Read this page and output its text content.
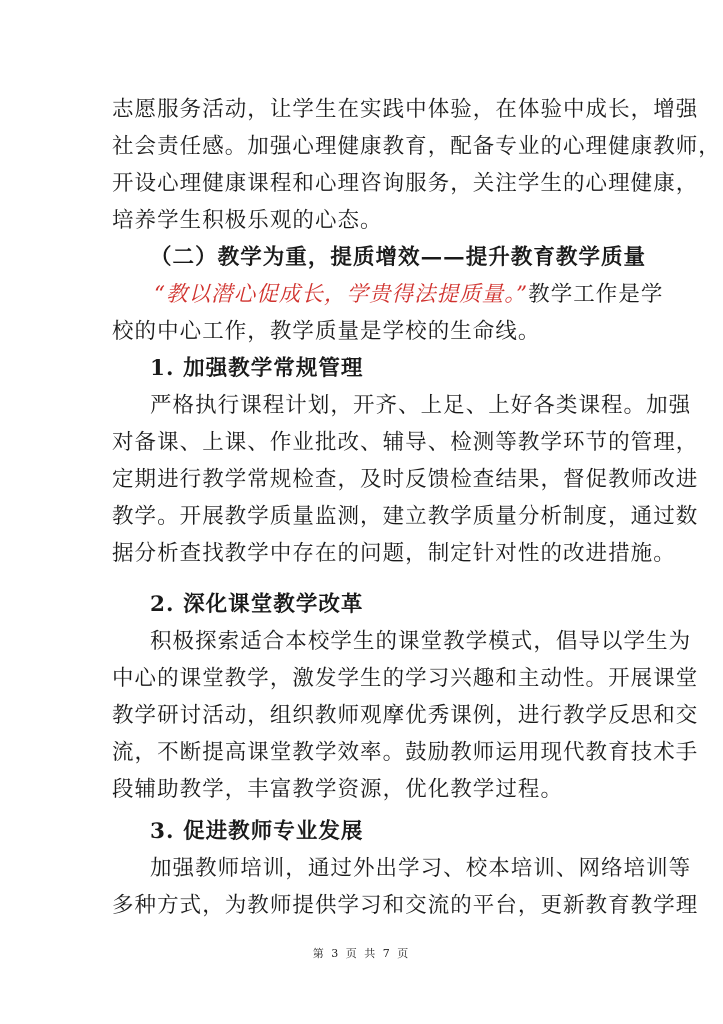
志愿服务活动，让学生在实践中体验，在体验中成长，增强
社会责任感。加强心理健康教育，配备专业的心理健康教师，
开设心理健康课程和心理咨询服务，关注学生的心理健康，
培养学生积极乐观的心态。
（二）教学为重，提质增效——提升教育教学质量
“教以潜心促成长，学贵得法提质量。”教学工作是学
校的中心工作，教学质量是学校的生命线。
1. 加强教学常规管理
严格执行课程计划，开齐、上足、上好各类课程。加强
对备课、上课、作业批改、辅导、检测等教学环节的管理，
定期进行教学常规检查，及时反馈检查结果，督促教师改进
教学。开展教学质量监测，建立教学质量分析制度，通过数
据分析查找教学中存在的问题，制定针对性的改进措施。
2. 深化课堂教学改革
积极探索适合本校学生的课堂教学模式，倡导以学生为
中心的课堂教学，激发学生的学习兴趣和主动性。开展课堂
教学研讨活动，组织教师观摩优秀课例，进行教学反思和交
流，不断提高课堂教学效率。鼓励教师运用现代教育技术手
段辅助教学，丰富教学资源，优化教学过程。
3. 促进教师专业发展
加强教师培训，通过外出学习、校本培训、网络培训等
多种方式，为教师提供学习和交流的平台，更新教育教学理
第 3 页 共 7 页
